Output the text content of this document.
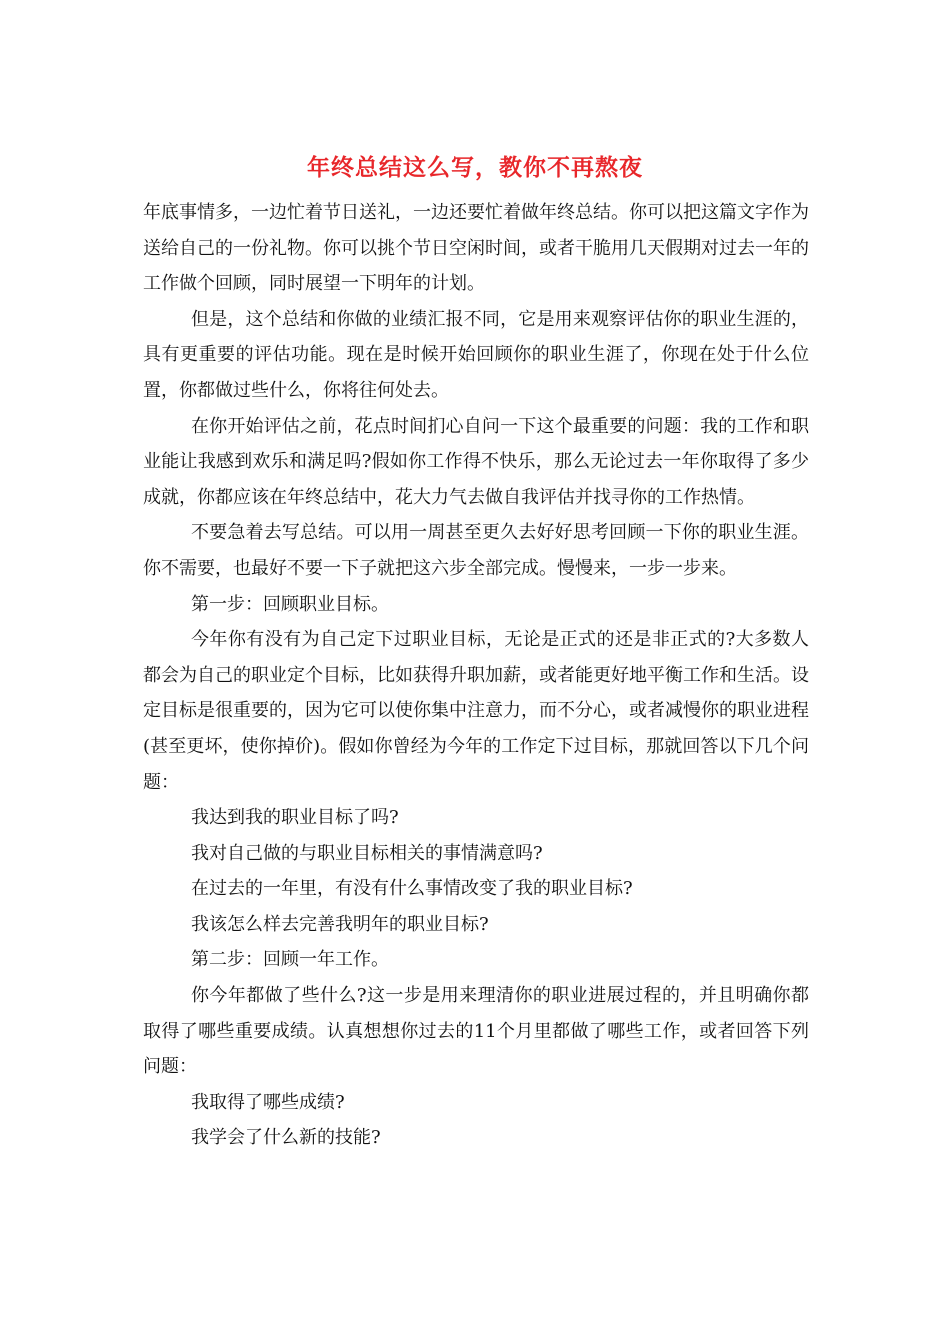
年终总结这么写，教你不再熬夜

年底事情多，一边忙着节日送礼，一边还要忙着做年终总结。你可以把这篇文字作为送给自己的一份礼物。你可以挑个节日空闲时间，或者干脆用几天假期对过去一年的工作做个回顾，同时展望一下明年的计划。

但是，这个总结和你做的业绩汇报不同，它是用来观察评估你的职业生涯的，具有更重要的评估功能。现在是时候开始回顾你的职业生涯了，你现在处于什么位置，你都做过些什么，你将往何处去。

在你开始评估之前，花点时间扪心自问一下这个最重要的问题：我的工作和职业能让我感到欢乐和满足吗?假如你工作得不快乐，那么无论过去一年你取得了多少成就，你都应该在年终总结中，花大力气去做自我评估并找寻你的工作热情。

不要急着去写总结。可以用一周甚至更久去好好思考回顾一下你的职业生涯。你不需要，也最好不要一下子就把这六步全部完成。慢慢来，一步一步来。

第一步：回顾职业目标。

今年你有没有为自己定下过职业目标，无论是正式的还是非正式的?大多数人都会为自己的职业定个目标，比如获得升职加薪，或者能更好地平衡工作和生活。设定目标是很重要的，因为它可以使你集中注意力，而不分心，或者减慢你的职业进程(甚至更坏，使你掉价)。假如你曾经为今年的工作定下过目标，那就回答以下几个问题：

我达到我的职业目标了吗?

我对自己做的与职业目标相关的事情满意吗?

在过去的一年里，有没有什么事情改变了我的职业目标?

我该怎么样去完善我明年的职业目标?

第二步：回顾一年工作。

你今年都做了些什么?这一步是用来理清你的职业进展过程的，并且明确你都取得了哪些重要成绩。认真想想你过去的11个月里都做了哪些工作，或者回答下列问题：

我取得了哪些成绩?

我学会了什么新的技能?
